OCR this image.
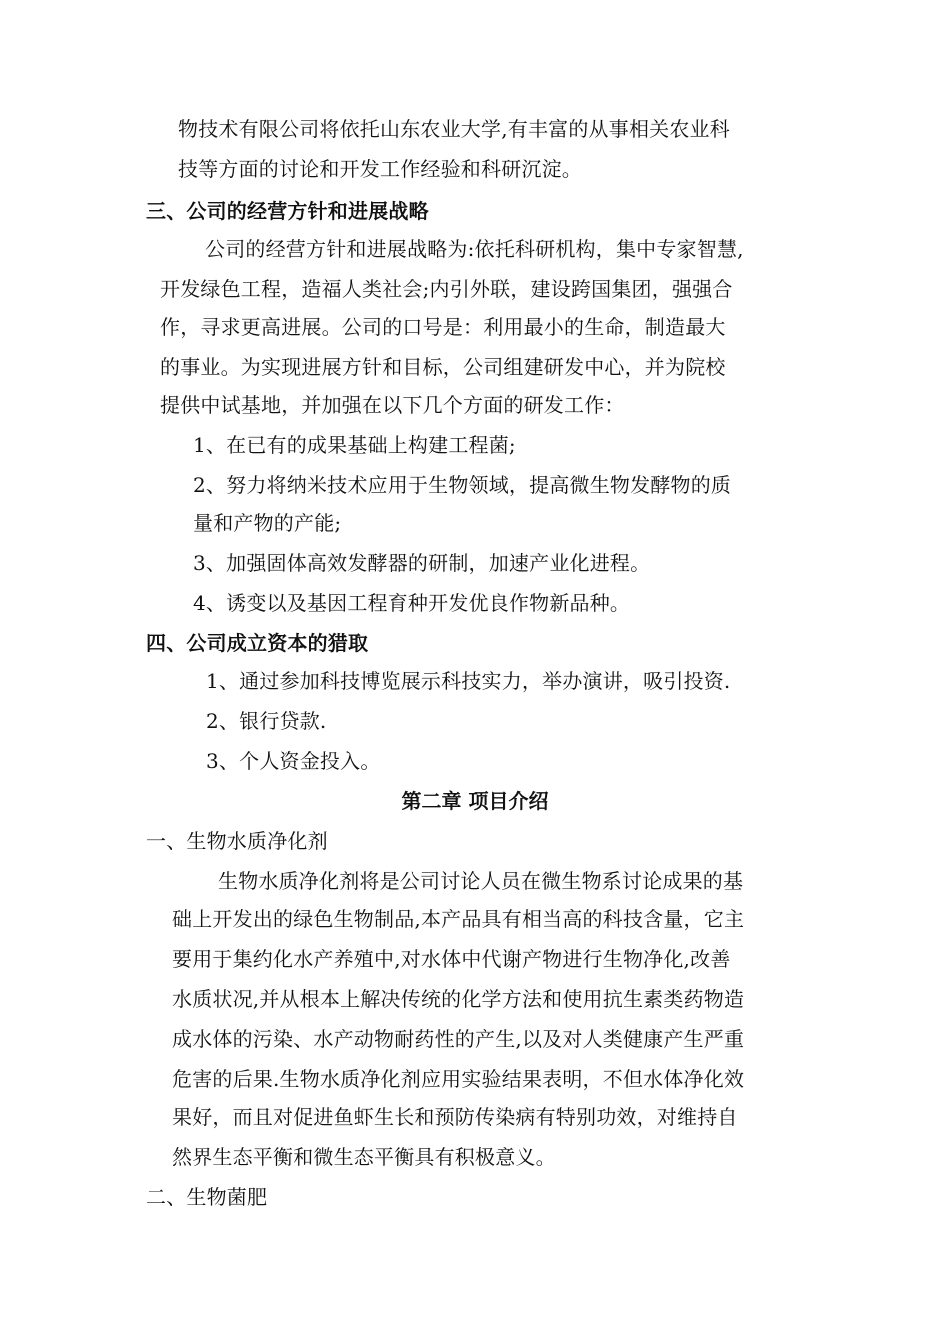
物技术有限公司将依托山东农业大学,有丰富的从事相关农业科
技等方面的讨论和开发工作经验和科研沉淀。
三、公司的经营方针和进展战略
公司的经营方针和进展战略为:依托科研机构，集中专家智慧,
开发绿色工程，造福人类社会;内引外联，建设跨国集团，强强合
作，寻求更高进展。公司的口号是：利用最小的生命，制造最大
的事业。为实现进展方针和目标，公司组建研发中心，并为院校
提供中试基地，并加强在以下几个方面的研发工作：
1、在已有的成果基础上构建工程菌;
2、努力将纳米技术应用于生物领域，提高微生物发酵物的质
量和产物的产能;
3、加强固体高效发酵器的研制，加速产业化进程。
4、诱变以及基因工程育种开发优良作物新品种。
四、公司成立资本的猎取
1、通过参加科技博览展示科技实力，举办演讲，吸引投资.
2、银行贷款.
3、个人资金投入。
第二章 项目介绍
一、生物水质净化剂
生物水质净化剂将是公司讨论人员在微生物系讨论成果的基
础上开发出的绿色生物制品,本产品具有相当高的科技含量，它主
要用于集约化水产养殖中,对水体中代谢产物进行生物净化,改善
水质状况,并从根本上解决传统的化学方法和使用抗生素类药物造
成水体的污染、水产动物耐药性的产生,以及对人类健康产生严重
危害的后果.生物水质净化剂应用实验结果表明，不但水体净化效
果好，而且对促进鱼虾生长和预防传染病有特别功效，对维持自
然界生态平衡和微生态平衡具有积极意义。
二、生物菌肥
